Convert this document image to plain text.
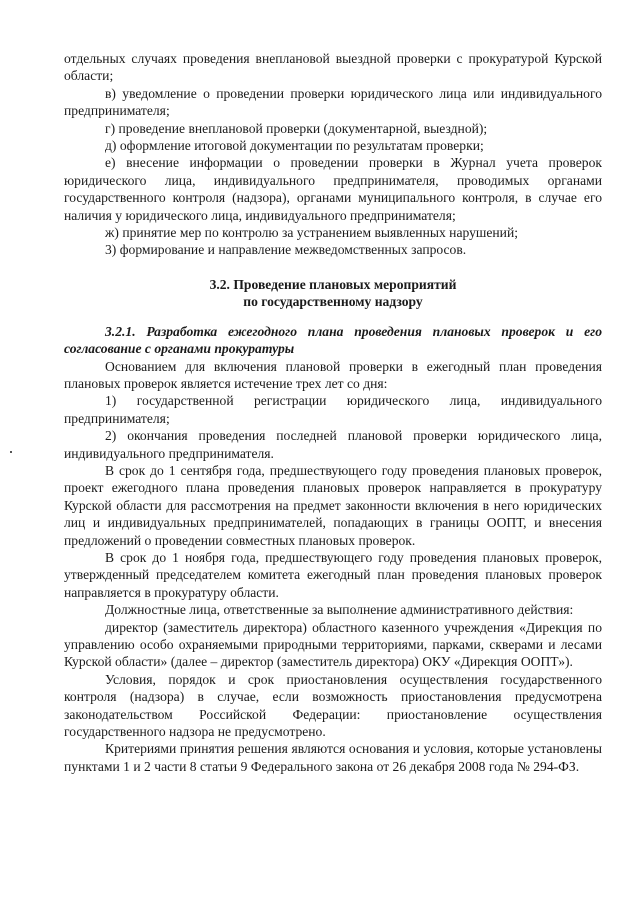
отдельных случаях проведения внеплановой выездной проверки с прокуратурой Курской области;

в) уведомление о проведении проверки юридического лица или индивидуального предпринимателя;

г) проведение внеплановой проверки (документарной, выездной);

д) оформление итоговой документации по результатам проверки;

е) внесение информации о проведении проверки в Журнал учета проверок юридического лица, индивидуального предпринимателя, проводимых органами государственного контроля (надзора), органами муниципального контроля, в случае его наличия у юридического лица, индивидуального предпринимателя;

ж) принятие мер по контролю за устранением выявленных нарушений;

3) формирование и направление межведомственных запросов.

3.2. Проведение плановых мероприятий

по государственному надзору

3.2.1. Разработка ежегодного плана проведения плановых проверок и его согласование с органами прокуратуры

Основанием для включения плановой проверки в ежегодный план проведения плановых проверок является истечение трех лет со дня:

1) государственной регистрации юридического лица, индивидуального предпринимателя;

2) окончания проведения последней плановой проверки юридического лица, индивидуального предпринимателя.

В срок до 1 сентября года, предшествующего году проведения плановых проверок, проект ежегодного плана проведения плановых проверок направляется в прокуратуру Курской области для рассмотрения на предмет законности включения в него юридических лиц и индивидуальных предпринимателей, попадающих в границы ООПТ, и внесения предложений о проведении совместных плановых проверок.

В срок до 1 ноября года, предшествующего году проведения плановых проверок, утвержденный председателем комитета ежегодный план проведения плановых проверок направляется в прокуратуру области.

Должностные лица, ответственные за выполнение административного действия:

директор (заместитель директора) областного казенного учреждения «Дирекция по управлению особо охраняемыми природными территориями, парками, скверами и лесами Курской области» (далее – директор (заместитель директора) ОКУ «Дирекция ООПТ»).

Условия, порядок и срок приостановления осуществления государственного контроля (надзора) в случае, если возможность приостановления предусмотрена законодательством Российской Федерации: приостановление осуществления государственного надзора не предусмотрено.

Критериями принятия решения являются основания и условия, которые установлены пунктами 1 и 2 части 8 статьи 9 Федерального закона от 26 декабря 2008 года № 294-ФЗ.
